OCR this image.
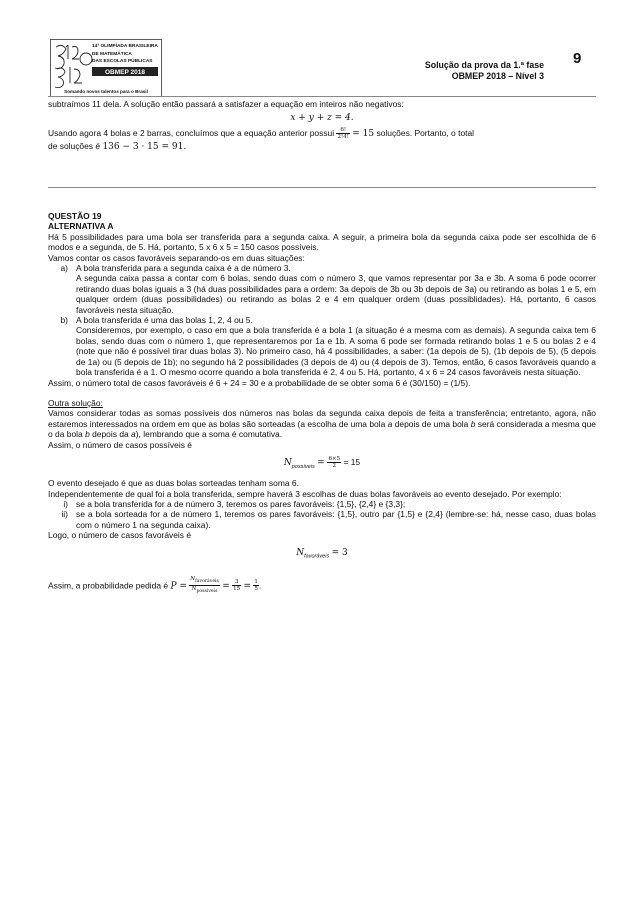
14ª OLIMPÍADA BRASILEIRA
DE MATEMÁTICA
DAS ESCOLAS PÚBLICAS
OBMEP 2018
Somando novos talentos para o Brasil
Solução da prova da 1.ª fase
OBMEP 2018 – Nível 3
9

subtraímos 11 dela. A solução então passará a satisfazer a equação em inteiros não negativos:

x + y + z = 4.

Usando agora 4 bolas e 2 barras, concluímos que a equação anterior possui $\frac{6!}{2!4!} = 15$ soluções. Portanto, o total

de soluções é 136 − 3 · 15 = 91.

QUESTÃO 19

ALTERNATIVA A

Há 5 possibilidades para uma bola ser transferida para a segunda caixa. A seguir, a primeira bola da segunda caixa pode ser escolhida de 6 modos e a segunda, de 5. Há, portanto, 5 x 6 x 5 = 150 casos possíveis.

Vamos contar os casos favoráveis separando-os em duas situações:

a) A bola transferida para a segunda caixa é a de número 3.

A segunda caixa passa a contar com 6 bolas, sendo duas com o número 3, que vamos representar por 3a e 3b. A soma 6 pode ocorrer retirando duas bolas iguais a 3 (há duas possibilidades para a ordem: 3a depois de 3b ou 3b depois de 3a) ou retirando as bolas 1 e 5, em qualquer ordem (duas possibilidades) ou retirando as bolas 2 e 4 em qualquer ordem (duas possiblidades). Há, portanto, 6 casos favoráveis nesta situação.

b) A bola transferida é uma das bolas 1, 2, 4 ou 5.

Consideremos, por exemplo, o caso em que a bola transferida é a bola 1 (a situação é a mesma com as demais). A segunda caixa tem 6 bolas, sendo duas com o número 1, que representaremos por 1a e 1b. A soma 6 pode ser formada retirando bolas 1 e 5 ou bolas 2 e 4 (note que não é possível tirar duas bolas 3). No primeiro caso, há 4 possibilidades, a saber: (1a depois de 5), (1b depois de 5), (5 depois de 1a) ou (5 depois de 1b); no segundo há 2 possibilidades (3 depois de 4) ou (4 depois de 3). Temos, então, 6 casos favoráveis quando a bola transferida é a 1. O mesmo ocorre quando a bola transferida é 2, 4 ou 5. Há, portanto, 4 x 6 = 24 casos favoráveis nesta situação.

Assim, o número total de casos favoráveis é 6 + 24 = 30 e a probabilidade de se obter soma 6 é (30/150) = (1/5).

Outra solução:

Vamos considerar todas as somas possíveis dos números nas bolas da segunda caixa depois de feita a transferência; entretanto, agora, não estaremos interessados na ordem em que as bolas são sorteadas (a escolha de uma bola a depois de uma bola b será considerada a mesma que o da bola b depois da a), lembrando que a soma é comutativa.

Assim, o número de casos possíveis é

$N_{possíveis} = \frac{6\times 5}{2} = 15$

O evento desejado é que as duas bolas sorteadas tenham soma 6.

Independentemente de qual foi a bola transferida, sempre haverá 3 escolhas de duas bolas favoráveis ao evento desejado. Por exemplo:

i) se a bola transferida for a de número 3, teremos os pares favoráveis: {1,5}, {2,4} e {3,3};
ii) se a bola sorteada for a de número 1, teremos os pares favoráveis: {1,5}, outro par {1,5} e {2,4} (lembre-se: há, nesse caso, duas bolas com o número 1 na segunda caixa).

Logo, o número de casos favoráveis é

$N_{favoráveis} = 3$

Assim, a probabilidade pedida é $P = \frac{N_{favoráveis}}{N_{possíveis}} = \frac{3}{15} = \frac{1}{5}$ .
